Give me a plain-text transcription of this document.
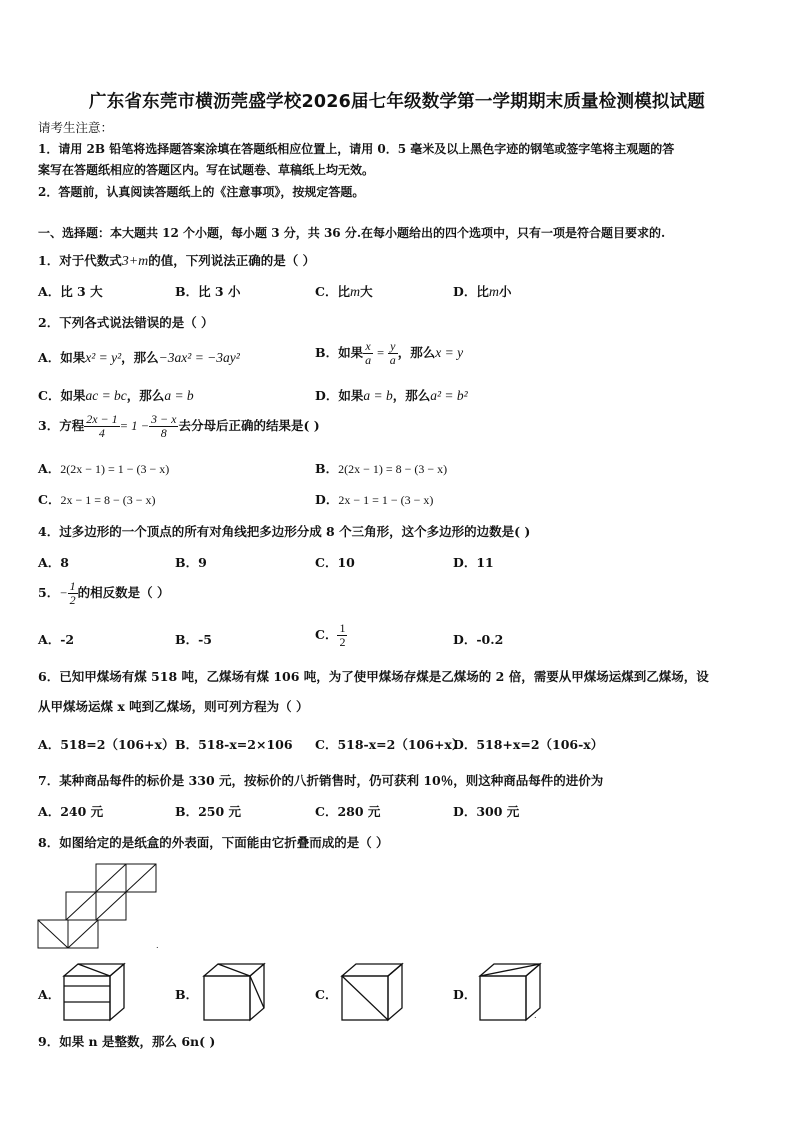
广东省东莞市横沥莞盛学校2026届七年级数学第一学期期末质量检测模拟试题
请考生注意：
1．请用 2B 铅笔将选择题答案涂填在答题纸相应位置上，请用 0．5 毫米及以上黑色字迹的钢笔或签字笔将主观题的答
案写在答题纸相应的答题区内。写在试题卷、草稿纸上均无效。
2．答题前，认真阅读答题纸上的《注意事项》，按规定答题。
一、选择题：本大题共 12 个小题，每小题 3 分，共 36 分.在每小题给出的四个选项中，只有一项是符合题目要求的.
1．对于代数式3+m的值，下列说法正确的是（ ）
A．比 3 大	B．比 3 小	C．比m大	D．比m小
2．下列各式说法错误的是（ ）
A．如果x² = y²，那么−3ax² = −3ay²	B．如果 $\frac{x}{a} = \frac{y}{a}$ ，那么x = y
C．如果ac = bc，那么a = b	D．如果a = b，那么a² = b²
3．方程 $\frac{2x - 1}{4} = 1 - \frac{3 - x}{8}$ 去分母后正确的结果是( )
A．2(2x − 1) = 1 − (3 − x)	B．2(2x − 1) = 8 − (3 − x)
C．2x − 1 = 8 − (3 − x)	D．2x − 1 = 1 − (3 − x)
4．过多边形的一个顶点的所有对角线把多边形分成 8 个三角形，这个多边形的边数是( )
A．8	B．9	C．10	D．11
5．− $\frac{1}{2}$ 的相反数是（ ）
A．-2	B．-5	C． $\frac{1}{2}$	D．-0.2
6．已知甲煤场有煤 518 吨，乙煤场有煤 106 吨，为了使甲煤场存煤是乙煤场的 2 倍，需要从甲煤场运煤到乙煤场，设
从甲煤场运煤 x 吨到乙煤场，则可列方程为（ ）
A．518=2（106+x） B．518-x=2×106 C．518-x=2（106+x）
D．518+x=2（106-x）
7．某种商品每件的标价是 330 元，按标价的八折销售时，仍可获利 10％，则这种商品每件的进价为
A．240 元	B．250 元	C．280 元	D．300 元
8．如图给定的是纸盒的外表面，下面能由它折叠而成的是（ ）
.
A．	B．	C．	D．
.
9．如果 n 是整数，那么 6n( )
